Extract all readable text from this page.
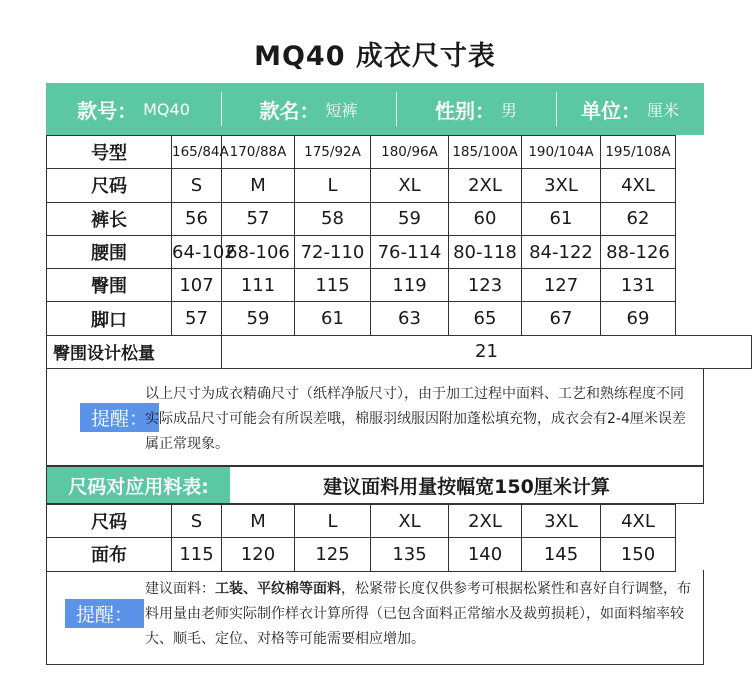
MQ40 成衣尺寸表
款号： MQ40	款名： 短裤	性别： 男	单位： 厘米
号型	165/84A	170/88A	175/92A	180/96A	185/100A	190/104A	195/108A
尺码	S	M	L	XL	2XL	3XL	4XL
裤长	56	57	58	59	60	61	62
腰围	64-102	68-106	72-110	76-114	80-118	84-122	88-126
臀围	107	111	115	119	123	127	131
脚口	57	59	61	63	65	67	69
臀围设计松量		21					
提醒：
以上尺寸为成衣精确尺寸（纸样净版尺寸），由于加工过程中面料、工艺和熟练程度不同实际成品尺寸可能会有所误差哦，棉服羽绒服因附加蓬松填充物，成衣会有2-4厘米误差属正常现象。
尺码对应用料表:	建议面料用量按幅宽150厘米计算
尺码	S	M	L	XL	2XL	3XL	4XL
面布	115	120	125	135	140	145	150
提醒：
建议面料：工装、平纹棉等面料，松紧带长度仅供参考可根据松紧性和喜好自行调整，布料用量由老师实际制作样衣计算所得（已包含面料正常缩水及裁剪损耗），如面料缩率较大、顺毛、定位、对格等可能需要相应增加。
